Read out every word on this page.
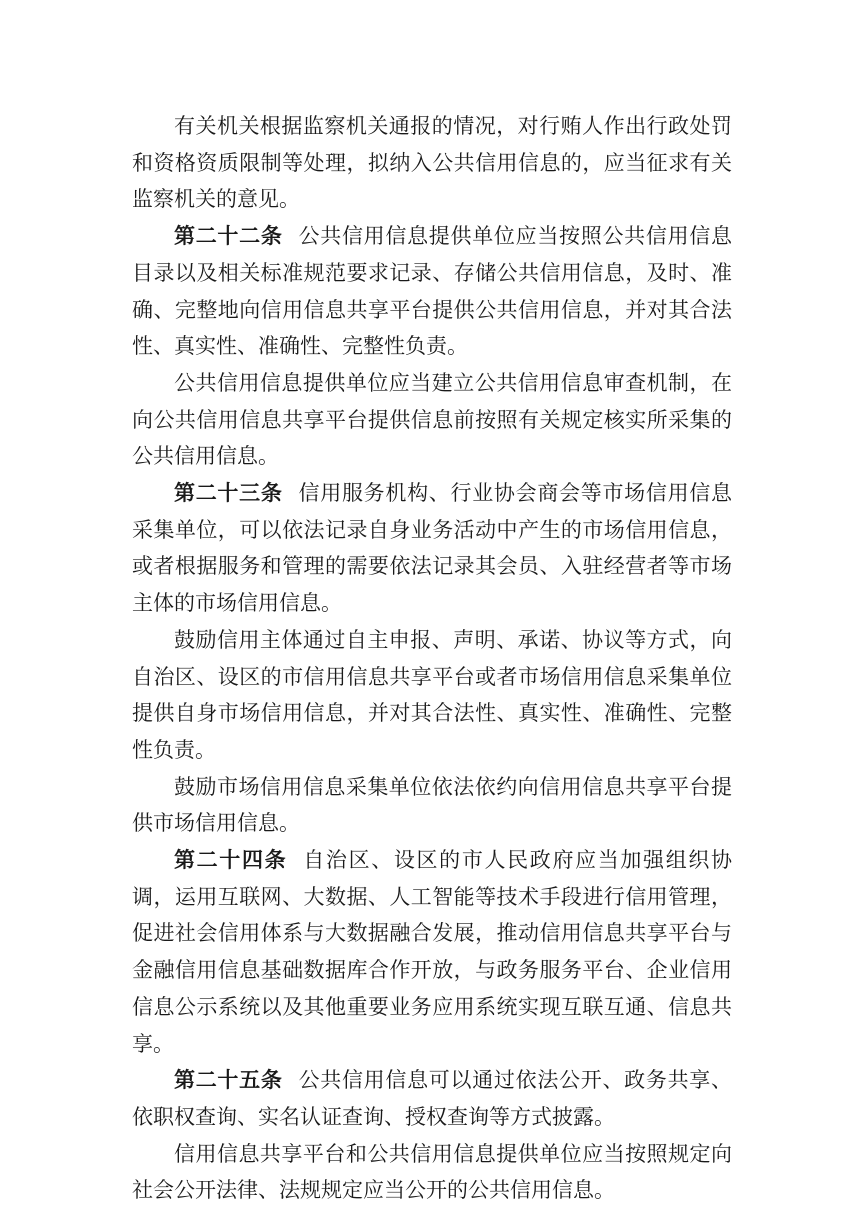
有关机关根据监察机关通报的情况，对行贿人作出行政处罚和资格资质限制等处理，拟纳入公共信用信息的，应当征求有关监察机关的意见。

第二十二条 公共信用信息提供单位应当按照公共信用信息目录以及相关标准规范要求记录、存储公共信用信息，及时、准确、完整地向信用信息共享平台提供公共信用信息，并对其合法性、真实性、准确性、完整性负责。

公共信用信息提供单位应当建立公共信用信息审查机制，在向公共信用信息共享平台提供信息前按照有关规定核实所采集的公共信用信息。

第二十三条 信用服务机构、行业协会商会等市场信用信息采集单位，可以依法记录自身业务活动中产生的市场信用信息，或者根据服务和管理的需要依法记录其会员、入驻经营者等市场主体的市场信用信息。

鼓励信用主体通过自主申报、声明、承诺、协议等方式，向自治区、设区的市信用信息共享平台或者市场信用信息采集单位提供自身市场信用信息，并对其合法性、真实性、准确性、完整性负责。

鼓励市场信用信息采集单位依法依约向信用信息共享平台提供市场信用信息。

第二十四条 自治区、设区的市人民政府应当加强组织协调，运用互联网、大数据、人工智能等技术手段进行信用管理，促进社会信用体系与大数据融合发展，推动信用信息共享平台与金融信用信息基础数据库合作开放，与政务服务平台、企业信用信息公示系统以及其他重要业务应用系统实现互联互通、信息共享。

第二十五条 公共信用信息可以通过依法公开、政务共享、依职权查询、实名认证查询、授权查询等方式披露。

信用信息共享平台和公共信用信息提供单位应当按照规定向社会公开法律、法规规定应当公开的公共信用信息。
